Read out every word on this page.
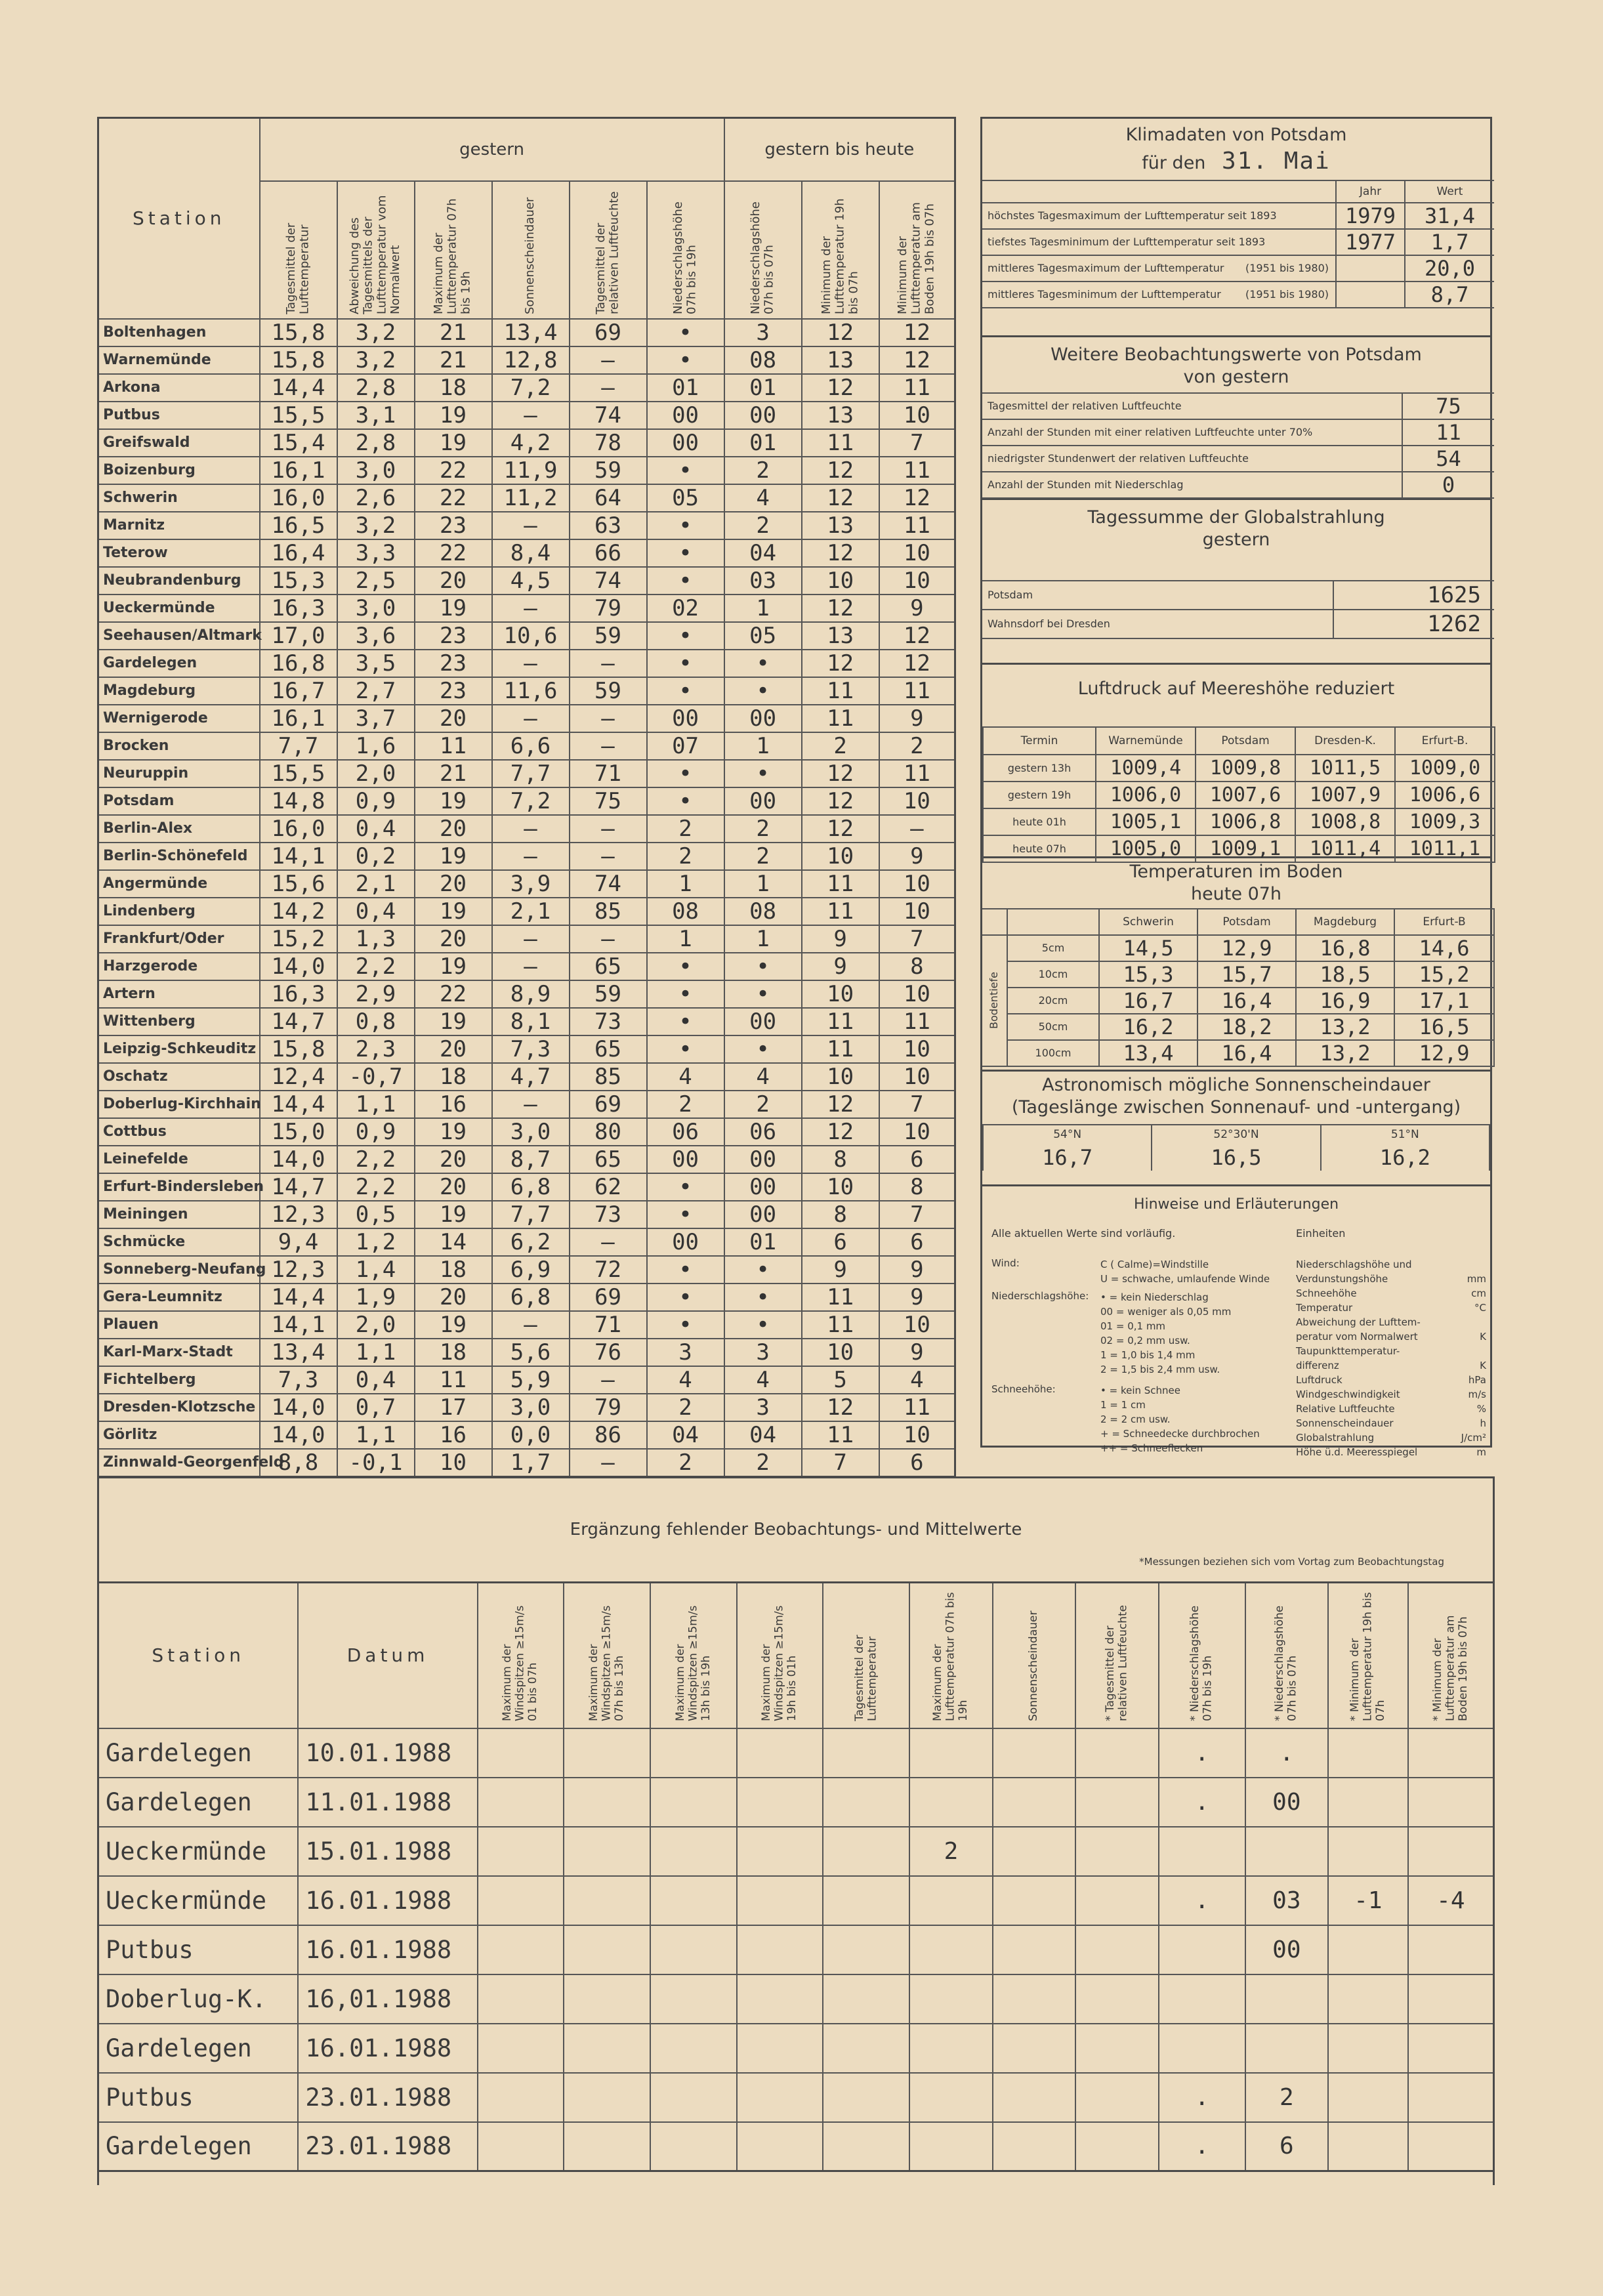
Station	gestern						gestern bis heute		

	Tagesmittel der Lufttemperatur	Abweichung des Tagesmittels der Lufttemperatur vom Normalwert	Maximum der Lufttemperatur 07h bis 19h	Sonnenscheindauer	Tagesmittel der relativen Luftfeuchte	Niederschlagshöhe 07h bis 19h	Niederschlagshöhe 07h bis 07h	Minimum der Lufttemperatur 19h bis 07h	Minimum der Lufttemperatur am Boden 19h bis 07h

Boltenhagen	15,8	3,2	21	13,4	69	•	3	12	12
Warnemünde	15,8	3,2	21	12,8	–	•	08	13	12
Arkona	14,4	2,8	18	7,2	–	01	01	12	11
Putbus	15,5	3,1	19	–	74	00	00	13	10
Greifswald	15,4	2,8	19	4,2	78	00	01	11	7
Boizenburg	16,1	3,0	22	11,9	59	•	2	12	11
Schwerin	16,0	2,6	22	11,2	64	05	4	12	12
Marnitz	16,5	3,2	23	–	63	•	2	13	11
Teterow	16,4	3,3	22	8,4	66	•	04	12	10
Neubrandenburg	15,3	2,5	20	4,5	74	•	03	10	10
Ueckermünde	16,3	3,0	19	–	79	02	1	12	9
Seehausen/Altmark	17,0	3,6	23	10,6	59	•	05	13	12
Gardelegen	16,8	3,5	23	–	–	•	•	12	12
Magdeburg	16,7	2,7	23	11,6	59	•	•	11	11
Wernigerode	16,1	3,7	20	–	–	00	00	11	9
Brocken	7,7	1,6	11	6,6	–	07	1	2	2
Neuruppin	15,5	2,0	21	7,7	71	•	•	12	11
Potsdam	14,8	0,9	19	7,2	75	•	00	12	10
Berlin-Alex	16,0	0,4	20	–	–	2	2	12	–
Berlin-Schönefeld	14,1	0,2	19	–	–	2	2	10	9
Angermünde	15,6	2,1	20	3,9	74	1	1	11	10
Lindenberg	14,2	0,4	19	2,1	85	08	08	11	10
Frankfurt/Oder	15,2	1,3	20	–	–	1	1	9	7
Harzgerode	14,0	2,2	19	–	65	•	•	9	8
Artern	16,3	2,9	22	8,9	59	•	•	10	10
Wittenberg	14,7	0,8	19	8,1	73	•	00	11	11
Leipzig-Schkeuditz	15,8	2,3	20	7,3	65	•	•	11	10
Oschatz	12,4	-0,7	18	4,7	85	4	4	10	10
Doberlug-Kirchhain	14,4	1,1	16	–	69	2	2	12	7
Cottbus	15,0	0,9	19	3,0	80	06	06	12	10
Leinefelde	14,0	2,2	20	8,7	65	00	00	8	6
Erfurt-Bindersleben	14,7	2,2	20	6,8	62	•	00	10	8
Meiningen	12,3	0,5	19	7,7	73	•	00	8	7
Schmücke	9,4	1,2	14	6,2	–	00	01	6	6
Sonneberg-Neufang	12,3	1,4	18	6,9	72	•	•	9	9
Gera-Leumnitz	14,4	1,9	20	6,8	69	•	•	11	9
Plauen	14,1	2,0	19	–	71	•	•	11	10
Karl-Marx-Stadt	13,4	1,1	18	5,6	76	3	3	10	9
Fichtelberg	7,3	0,4	11	5,9	–	4	4	5	4
Dresden-Klotzsche	14,0	0,7	17	3,0	79	2	3	12	11
Görlitz	14,0	1,1	16	0,0	86	04	04	11	10
Zinnwald-Georgenfeld	8,8	-0,1	10	1,7	–	2	2	7	6
Klimadaten von Potsdam
für den 31. Mai
	Jahr	Wert
höchstes Tagesmaximum der Lufttemperatur seit 1893	1979	31,4
tiefstes Tagesminimum der Lufttemperatur seit 1893	1977	1,7
mittleres Tagesmaximum der Lufttemperatur (1951 bis 1980)		20,0
mittleres Tagesminimum der Lufttemperatur (1951 bis 1980)		8,7
Weitere Beobachtungswerte von Potsdam
von gestern
Tagesmittel der relativen Luftfeuchte	75
Anzahl der Stunden mit einer relativen Luftfeuchte unter 70%	11
niedrigster Stundenwert der relativen Luftfeuchte	54
Anzahl der Stunden mit Niederschlag	0
Tagessumme der Globalstrahlung
gestern
Potsdam	1625
Wahnsdorf bei Dresden	1262
Luftdruck auf Meereshöhe reduziert
Termin	Warnemünde	Potsdam	Dresden-K.	Erfurt-B.
gestern 13h	1009,4	1009,8	1011,5	1009,0
gestern 19h	1006,0	1007,6	1007,9	1006,6
heute 01h	1005,1	1006,8	1008,8	1009,3
heute 07h	1005,0	1009,1	1011,4	1011,1
Temperaturen im Boden
heute 07h
		Schwerin	Potsdam	Magdeburg	Erfurt-B

Bodentiefe	5cm	14,5	12,9	16,8	14,6
	10cm	15,3	15,7	18,5	15,2
	20cm	16,7	16,4	16,9	17,1
	50cm	16,2	18,2	13,2	16,5
	100cm	13,4	16,4	13,2	12,9
Astronomisch mögliche Sonnenscheindauer
(Tageslänge zwischen Sonnenauf- und -untergang)
54°N	52°30'N	51°N
16,7	16,5	16,2
Hinweise und Erläuterungen
Alle aktuellen Werte sind vorläufig.	Einheiten
Wind:	C ( Calme)=Windstille
U = schwache, umlaufende Winde
Niederschlagshöhe: • = kein Niederschlag
00 = weniger als 0,05 mm
01 = 0,1 mm
02 = 0,2 mm usw.
1 = 1,0 bis 1,4 mm
2 = 1,5 bis 2,4 mm usw.
Schneehöhe:	• = kein Schnee
1 = 1 cm
2 = 2 cm usw.
+ = Schneedecke durchbrochen
++ = Schneeflecken
Niederschlagshöhe und
Verdunstungshöhe	mm
Schneehöhe	cm
Temperatur	°C
Abweichung der Lufttem-
peratur vom Normalwert	K
Taupunkttemperatur-
differenz	K
Luftdruck	hPa
Windgeschwindigkeit	m/s
Relative Luftfeuchte	%
Sonnenscheindauer	h
Globalstrahlung	J/cm²
Höhe ü.d. Meeresspiegel	m
Ergänzung fehlender Beobachtungs- und Mittelwerte
*Messungen beziehen sich vom Vortag zum Beobachtungstag
Station	Datum	Maximum der Windspitzen ≥15m/s 01 bis 07h	Maximum der Windspitzen ≥15m/s 07h bis 13h	Maximum der Windspitzen ≥15m/s 13h bis 19h	Maximum der Windspitzen ≥15m/s 19h bis 01h	Tagesmittel der Lufttemperatur	Maximum der Lufttemperatur 07h bis 19h	Sonnenscheindauer	* Tagesmittel der relativen Luftfeuchte	* Niederschlagshöhe 07h bis 19h	* Niederschlagshöhe 07h bis 07h	* Minimum der Lufttemperatur 19h bis 07h	* Minimum der Lufttemperatur am Boden 19h bis 07h

Gardelegen	10.01.1988									.	.		
Gardelegen	11.01.1988									.	00		
Ueckermünde	15.01.1988						2						
Ueckermünde	16.01.1988									.	03	-1	-4
Putbus	16.01.1988										00		
Doberlug-K.	16,01.1988												
Gardelegen	16.01.1988												
Putbus	23.01.1988									.	2		
Gardelegen	23.01.1988									.	6		
